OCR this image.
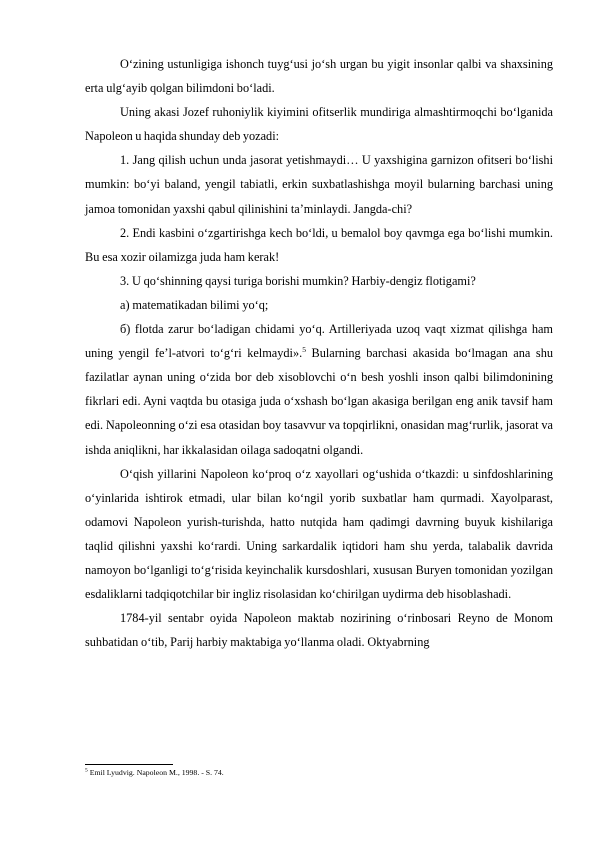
O‘zining ustunligiga ishonch tuyg‘usi jo‘sh urgan bu yigit insonlar qalbi va shaxsining erta ulg‘ayib qolgan bilimdoni bo‘ladi.

Uning akasi Jozef ruhoniylik kiyimini ofitserlik mundiriga almashtirmoqchi bo‘lganida Napoleon u haqida shunday deb yozadi:

1. Jang qilish uchun unda jasorat yetishmaydi… U yaxshigina garnizon ofitseri bo‘lishi mumkin: bo‘yi baland, yengil tabiatli, erkin suxbatlashishga moyil bularning barchasi uning jamoa tomonidan yaxshi qabul qilinishini ta’minlaydi. Jangda-chi?

2. Endi kasbini o‘zgartirishga kech bo‘ldi, u bemalol boy qavmga ega bo‘lishi mumkin. Bu esa xozir oilamizga juda ham kerak!

3. U qo‘shinning qaysi turiga borishi mumkin? Harbiy-dengiz flotigami?

a) matematikadan bilimi yo‘q;

б) flotda zarur bo‘ladigan chidami yo‘q. Artilleriyada uzoq vaqt xizmat qilishga ham uning yengil fe’l-atvori to‘g‘ri kelmaydi».$^5$ Bularning barchasi akasida bo‘lmagan ana shu fazilatlar aynan uning o‘zida bor deb xisoblovchi o‘n besh yoshli inson qalbi bilimdonining fikrlari edi. Ayni vaqtda bu otasiga juda o‘xshash bo‘lgan akasiga berilgan eng anik tavsif ham edi. Napoleonning o‘zi esa otasidan boy tasavvur va topqirlikni, onasidan mag‘rurlik, jasorat va ishda aniqlikni, har ikkalasidan oilaga sadoqatni olgandi.

O‘qish yillarini Napoleon ko‘proq o‘z xayollari og‘ushida o‘tkazdi: u sinfdoshlarining o‘yinlarida ishtirok etmadi, ular bilan ko‘ngil yorib suxbatlar ham qurmadi. Xayolparast, odamovi Napoleon yurish-turishda, hatto nutqida ham qadimgi davrning buyuk kishilariga taqlid qilishni yaxshi ko‘rardi. Uning sarkardalik iqtidori ham shu yerda, talabalik davrida namoyon bo‘lganligi to‘g‘risida keyinchalik kursdoshlari, xususan Buryen tomonidan yozilgan esdaliklarni tadqiqotchilar bir ingliz risolasidan ko‘chirilgan uydirma deb hisoblashadi.

1784-yil sentabr oyida Napoleon maktab nozirining o‘rinbosari Reyno de Monom suhbatidan o‘tib, Parij harbiy maktabiga yo‘llanma oladi. Oktyabrning

$^5$ Emil Lyudvig. Napoleon M., 1998. - S. 74.
